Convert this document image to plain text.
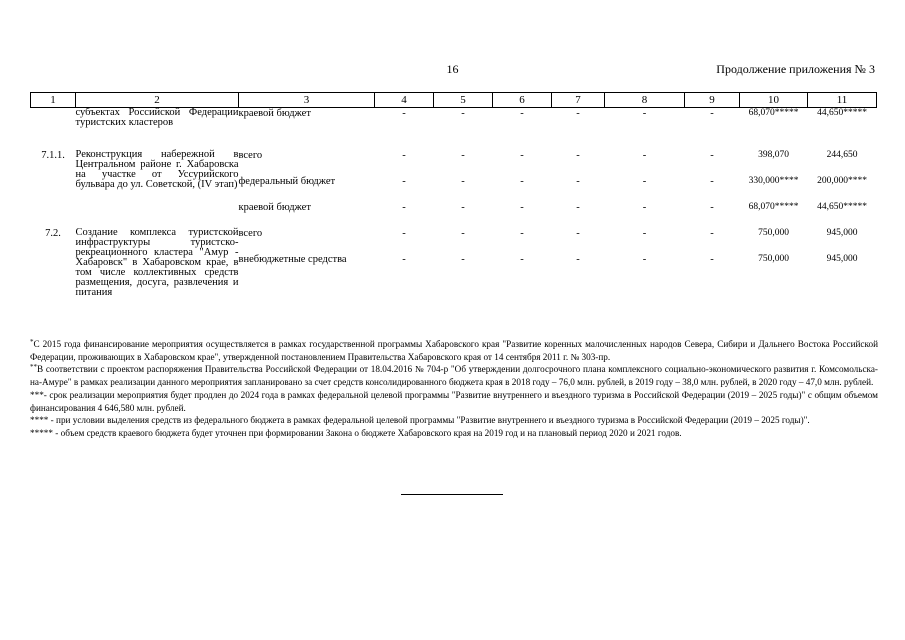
16	Продолжение приложения № 3
1	2	3	4	5	6	7	8	9	10	11
	субъектах Российской Федерации туристских кластеров	краевой бюджет	-	-	-	-	-	-	68,070*****	44,650*****
7.1.1.	Реконструкция набережной в Центральном районе г. Хабаровска на участке от Уссурийского бульвара до ул. Советской, (IV этап)	всего	-	-	-	-	-	-	398,070	244,650
		федеральный бюджет	-	-	-	-	-	-	330,000****	200,000****
		краевой бюджет	-	-	-	-	-	-	68,070*****	44,650*****
7.2.	Создание комплекса туристской инфраструктуры туристско-рекреационного кластера "Амур - Хабаровск" в Хабаровском крае, в том числе коллективных средств размещения, досуга, развлечения и питания	всего	-	-	-	-	-	-	750,000	945,000
		внебюджетные средства	-	-	-	-	-	-	750,000	945,000

*С 2015 года финансирование мероприятия осуществляется в рамках государственной программы Хабаровского края "Развитие коренных малочисленных народов Севера, Сибири и Дальнего Востока Российской Федерации, проживающих в Хабаровском крае", утвержденной постановлением Правительства Хабаровского края от 14 сентября 2011 г. № 303-пр.

**В соответствии с проектом распоряжения Правительства Российской Федерации от 18.04.2016 № 704-р "Об утверждении долгосрочного плана комплексного социально-экономического развития г. Комсомольска-на-Амуре" в рамках реализации данного мероприятия запланировано за счет средств консолидированного бюджета края в 2018 году – 76,0 млн. рублей, в 2019 году – 38,0 млн. рублей, в 2020 году – 47,0 млн. рублей.

***- срок реализации мероприятия будет продлен до 2024 года в рамках федеральной целевой программы "Развитие внутреннего и въездного туризма в Российской Федерации (2019 – 2025 годы)" с общим объемом финансирования 4 646,580 млн. рублей.

**** - при условии выделения средств из федерального бюджета в рамках федеральной целевой программы "Развитие внутреннего и въездного туризма в Российской Федерации (2019 – 2025 годы)".

***** - объем средств краевого бюджета будет уточнен при формировании Закона о бюджете Хабаровского края на 2019 год и на плановый период 2020 и 2021 годов.
